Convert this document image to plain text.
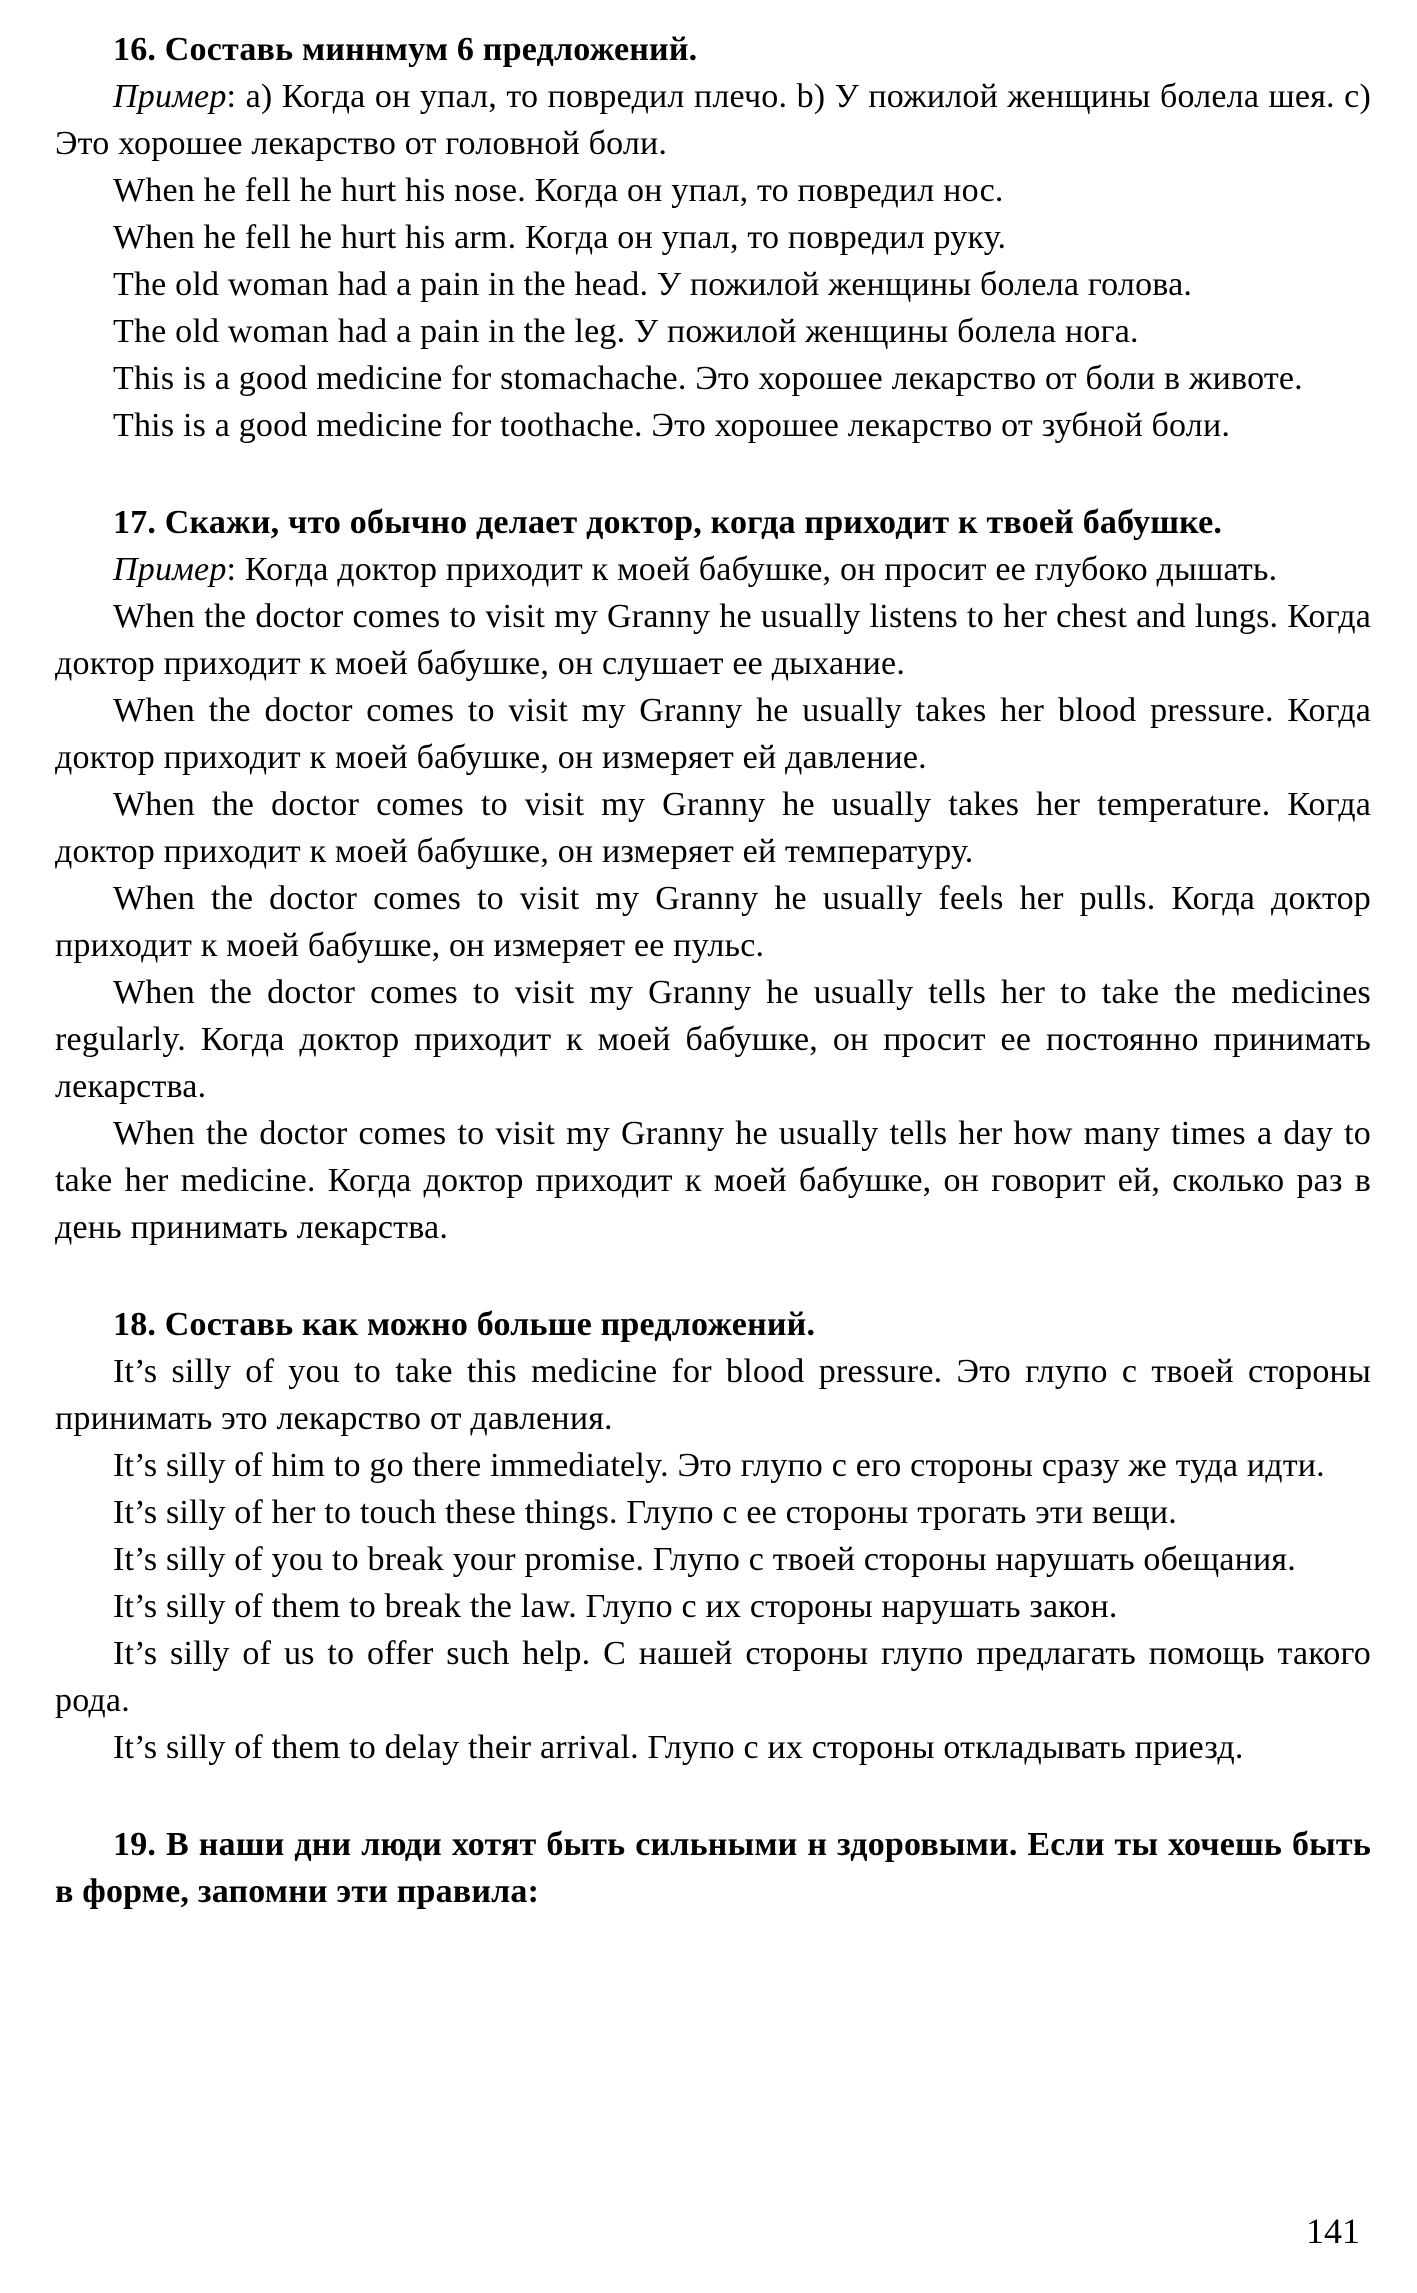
16. Составь миннмум 6 предложений.

Пример: a) Когда он упал, то повредил плечо. b) У пожилой женщины болела шея. c) Это хорошее лекарство от головной боли.

When he fell he hurt his nose. Когда он упал, то повредил нос.

When he fell he hurt his arm. Когда он упал, то повредил руку.

The old woman had a pain in the head. У пожилой женщины болела голова.

The old woman had a pain in the leg. У пожилой женщины болела нога.

This is a good medicine for stomachache. Это хорошее лекарство от боли в животе.

This is a good medicine for toothache. Это хорошее лекарство от зубной боли.

17. Скажи, что обычно делает доктор, когда приходит к твоей бабушке.

Пример: Когда доктор приходит к моей бабушке, он просит ее глубоко дышать.

When the doctor comes to visit my Granny he usually listens to her chest and lungs. Когда доктор приходит к моей бабушке, он слушает ее дыхание.

When the doctor comes to visit my Granny he usually takes her blood pressure. Когда доктор приходит к моей бабушке, он измеряет ей давление.

When the doctor comes to visit my Granny he usually takes her temperature. Когда доктор приходит к моей бабушке, он измеряет ей температуру.

When the doctor comes to visit my Granny he usually feels her pulls. Когда доктор приходит к моей бабушке, он измеряет ее пульс.

When the doctor comes to visit my Granny he usually tells her to take the medicines regularly. Когда доктор приходит к моей бабушке, он просит ее постоянно принимать лекарства.

When the doctor comes to visit my Granny he usually tells her how many times a day to take her medicine. Когда доктор приходит к моей бабушке, он говорит ей, сколько раз в день принимать лекарства.

18. Составь как можно больше предложений.

It’s silly of you to take this medicine for blood pressure. Это глупо с твоей стороны принимать это лекарство от давления.

It’s silly of him to go there immediately. Это глупо с его стороны сразу же туда идти.

It’s silly of her to touch these things. Глупо с ее стороны трогать эти вещи.

It’s silly of you to break your promise. Глупо с твоей стороны нарушать обещания.

It’s silly of them to break the law. Глупо с их стороны нарушать закон.

It’s silly of us to offer such help. С нашей стороны глупо предлагать помощь такого рода.

It’s silly of them to delay their arrival. Глупо с их стороны откладывать приезд.

19. В наши дни люди хотят быть сильными н здоровыми. Если ты хочешь быть в форме, запомни эти правила:

141
